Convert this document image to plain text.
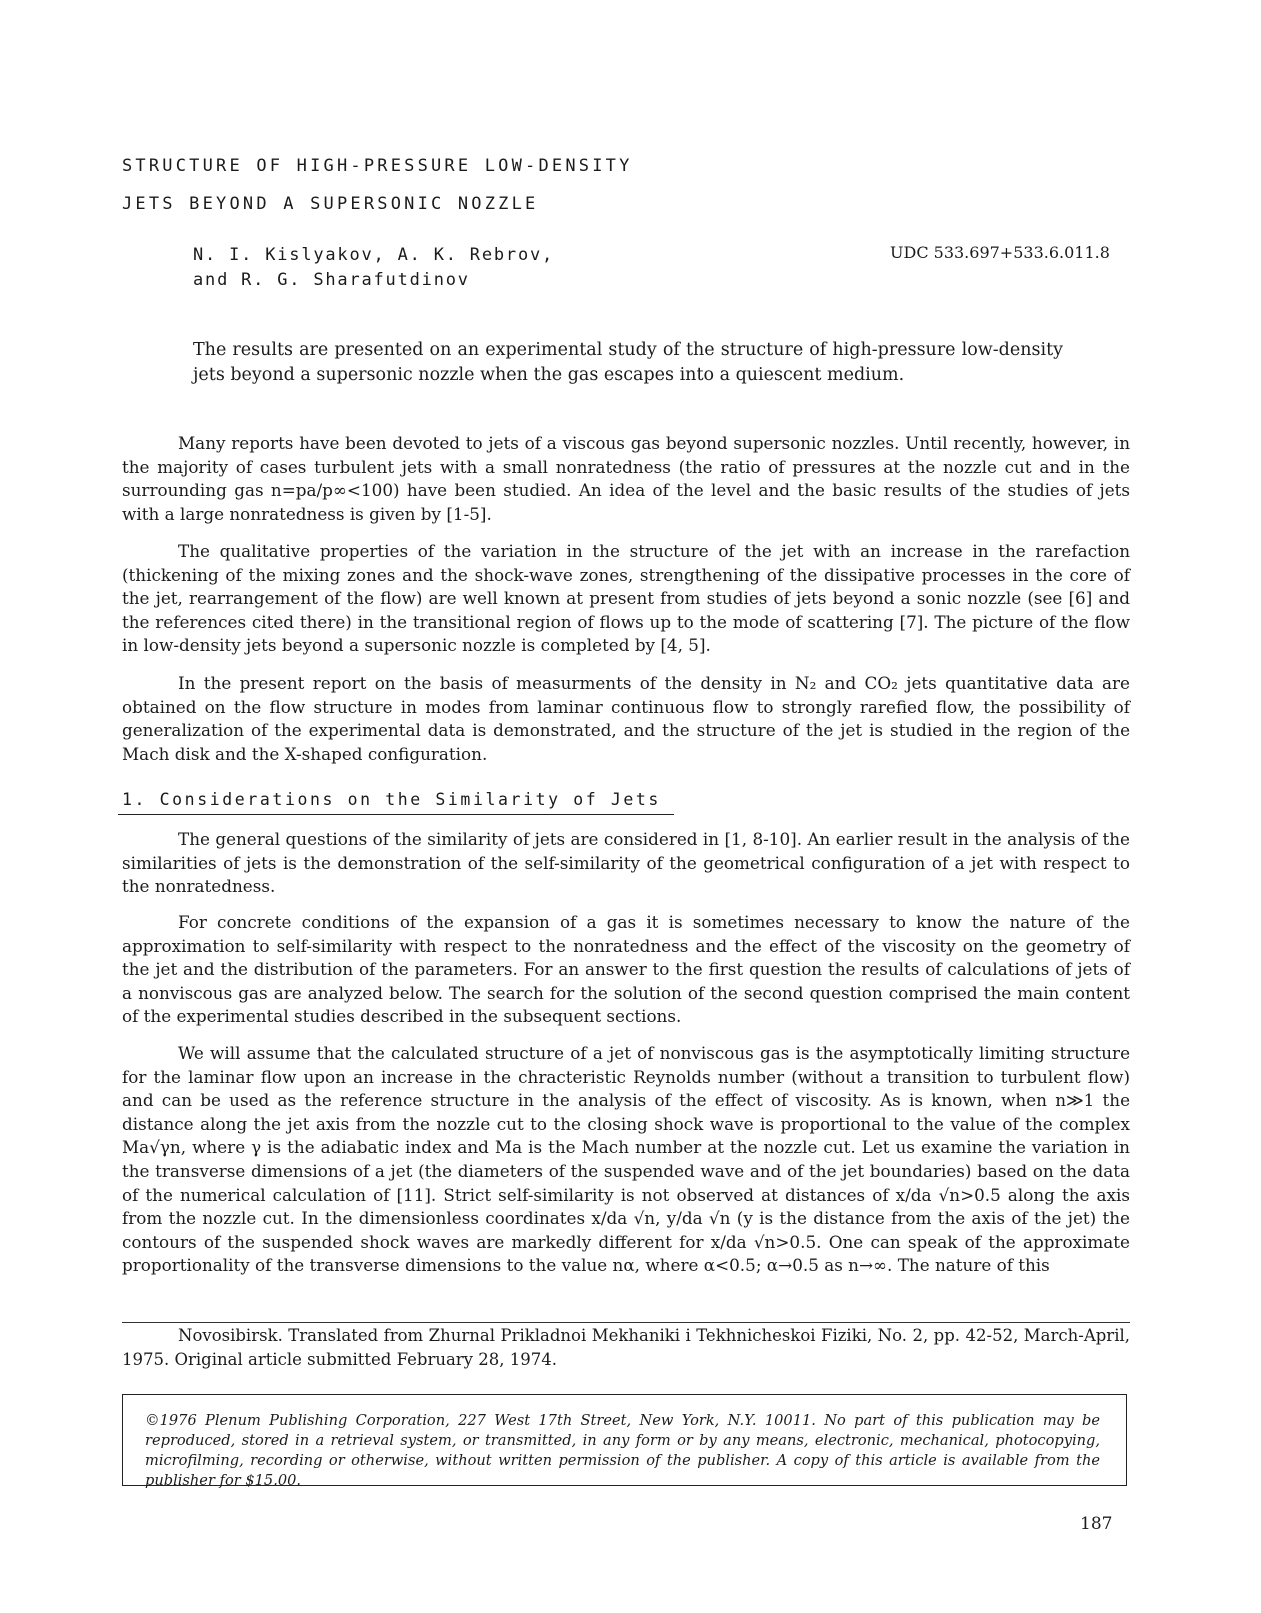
STRUCTURE OF HIGH-PRESSURE LOW-DENSITY
JETS BEYOND A SUPERSONIC NOZZLE
N. I. Kislyakov, A. K. Rebrov,
and R. G. Sharafutdinov
UDC 533.697+533.6.011.8
The results are presented on an experimental study of the structure of high-pressure low-density jets beyond a supersonic nozzle when the gas escapes into a quiescent medium.

Many reports have been devoted to jets of a viscous gas beyond supersonic nozzles. Until recently, however, in the majority of cases turbulent jets with a small nonratedness (the ratio of pressures at the nozzle cut and in the surrounding gas n=pa/p∞<100) have been studied. An idea of the level and the basic results of the studies of jets with a large nonratedness is given by [1-5].

The qualitative properties of the variation in the structure of the jet with an increase in the rarefaction (thickening of the mixing zones and the shock-wave zones, strengthening of the dissipative processes in the core of the jet, rearrangement of the flow) are well known at present from studies of jets beyond a sonic nozzle (see [6] and the references cited there) in the transitional region of flows up to the mode of scattering [7]. The picture of the flow in low-density jets beyond a supersonic nozzle is completed by [4, 5].

In the present report on the basis of measurments of the density in N₂ and CO₂ jets quantitative data are obtained on the flow structure in modes from laminar continuous flow to strongly rarefied flow, the possibility of generalization of the experimental data is demonstrated, and the structure of the jet is studied in the region of the Mach disk and the X-shaped configuration.

1. Considerations on the Similarity of Jets

The general questions of the similarity of jets are considered in [1, 8-10]. An earlier result in the analysis of the similarities of jets is the demonstration of the self-similarity of the geometrical configuration of a jet with respect to the nonratedness.

For concrete conditions of the expansion of a gas it is sometimes necessary to know the nature of the approximation to self-similarity with respect to the nonratedness and the effect of the viscosity on the geometry of the jet and the distribution of the parameters. For an answer to the first question the results of calculations of jets of a nonviscous gas are analyzed below. The search for the solution of the second question comprised the main content of the experimental studies described in the subsequent sections.

We will assume that the calculated structure of a jet of nonviscous gas is the asymptotically limiting structure for the laminar flow upon an increase in the chracteristic Reynolds number (without a transition to turbulent flow) and can be used as the reference structure in the analysis of the effect of viscosity. As is known, when n≫1 the distance along the jet axis from the nozzle cut to the closing shock wave is proportional to the value of the complex Ma√γn, where γ is the adiabatic index and Ma is the Mach number at the nozzle cut. Let us examine the variation in the transverse dimensions of a jet (the diameters of the suspended wave and of the jet boundaries) based on the data of the numerical calculation of [11]. Strict self-similarity is not observed at distances of x/da √n>0.5 along the axis from the nozzle cut. In the dimensionless coordinates x/da √n, y/da √n (y is the distance from the axis of the jet) the contours of the suspended shock waves are markedly different for x/da √n>0.5. One can speak of the approximate proportionality of the transverse dimensions to the value nα, where α<0.5; α→0.5 as n→∞. The nature of this

Novosibirsk. Translated from Zhurnal Prikladnoi Mekhaniki i Tekhnicheskoi Fiziki, No. 2, pp. 42-52, March-April, 1975. Original article submitted February 28, 1974.
©1976 Plenum Publishing Corporation, 227 West 17th Street, New York, N.Y. 10011. No part of this publication may be reproduced, stored in a retrieval system, or transmitted, in any form or by any means, electronic, mechanical, photocopying, microfilming, recording or otherwise, without written permission of the publisher. A copy of this article is available from the publisher for $15.00.
187
